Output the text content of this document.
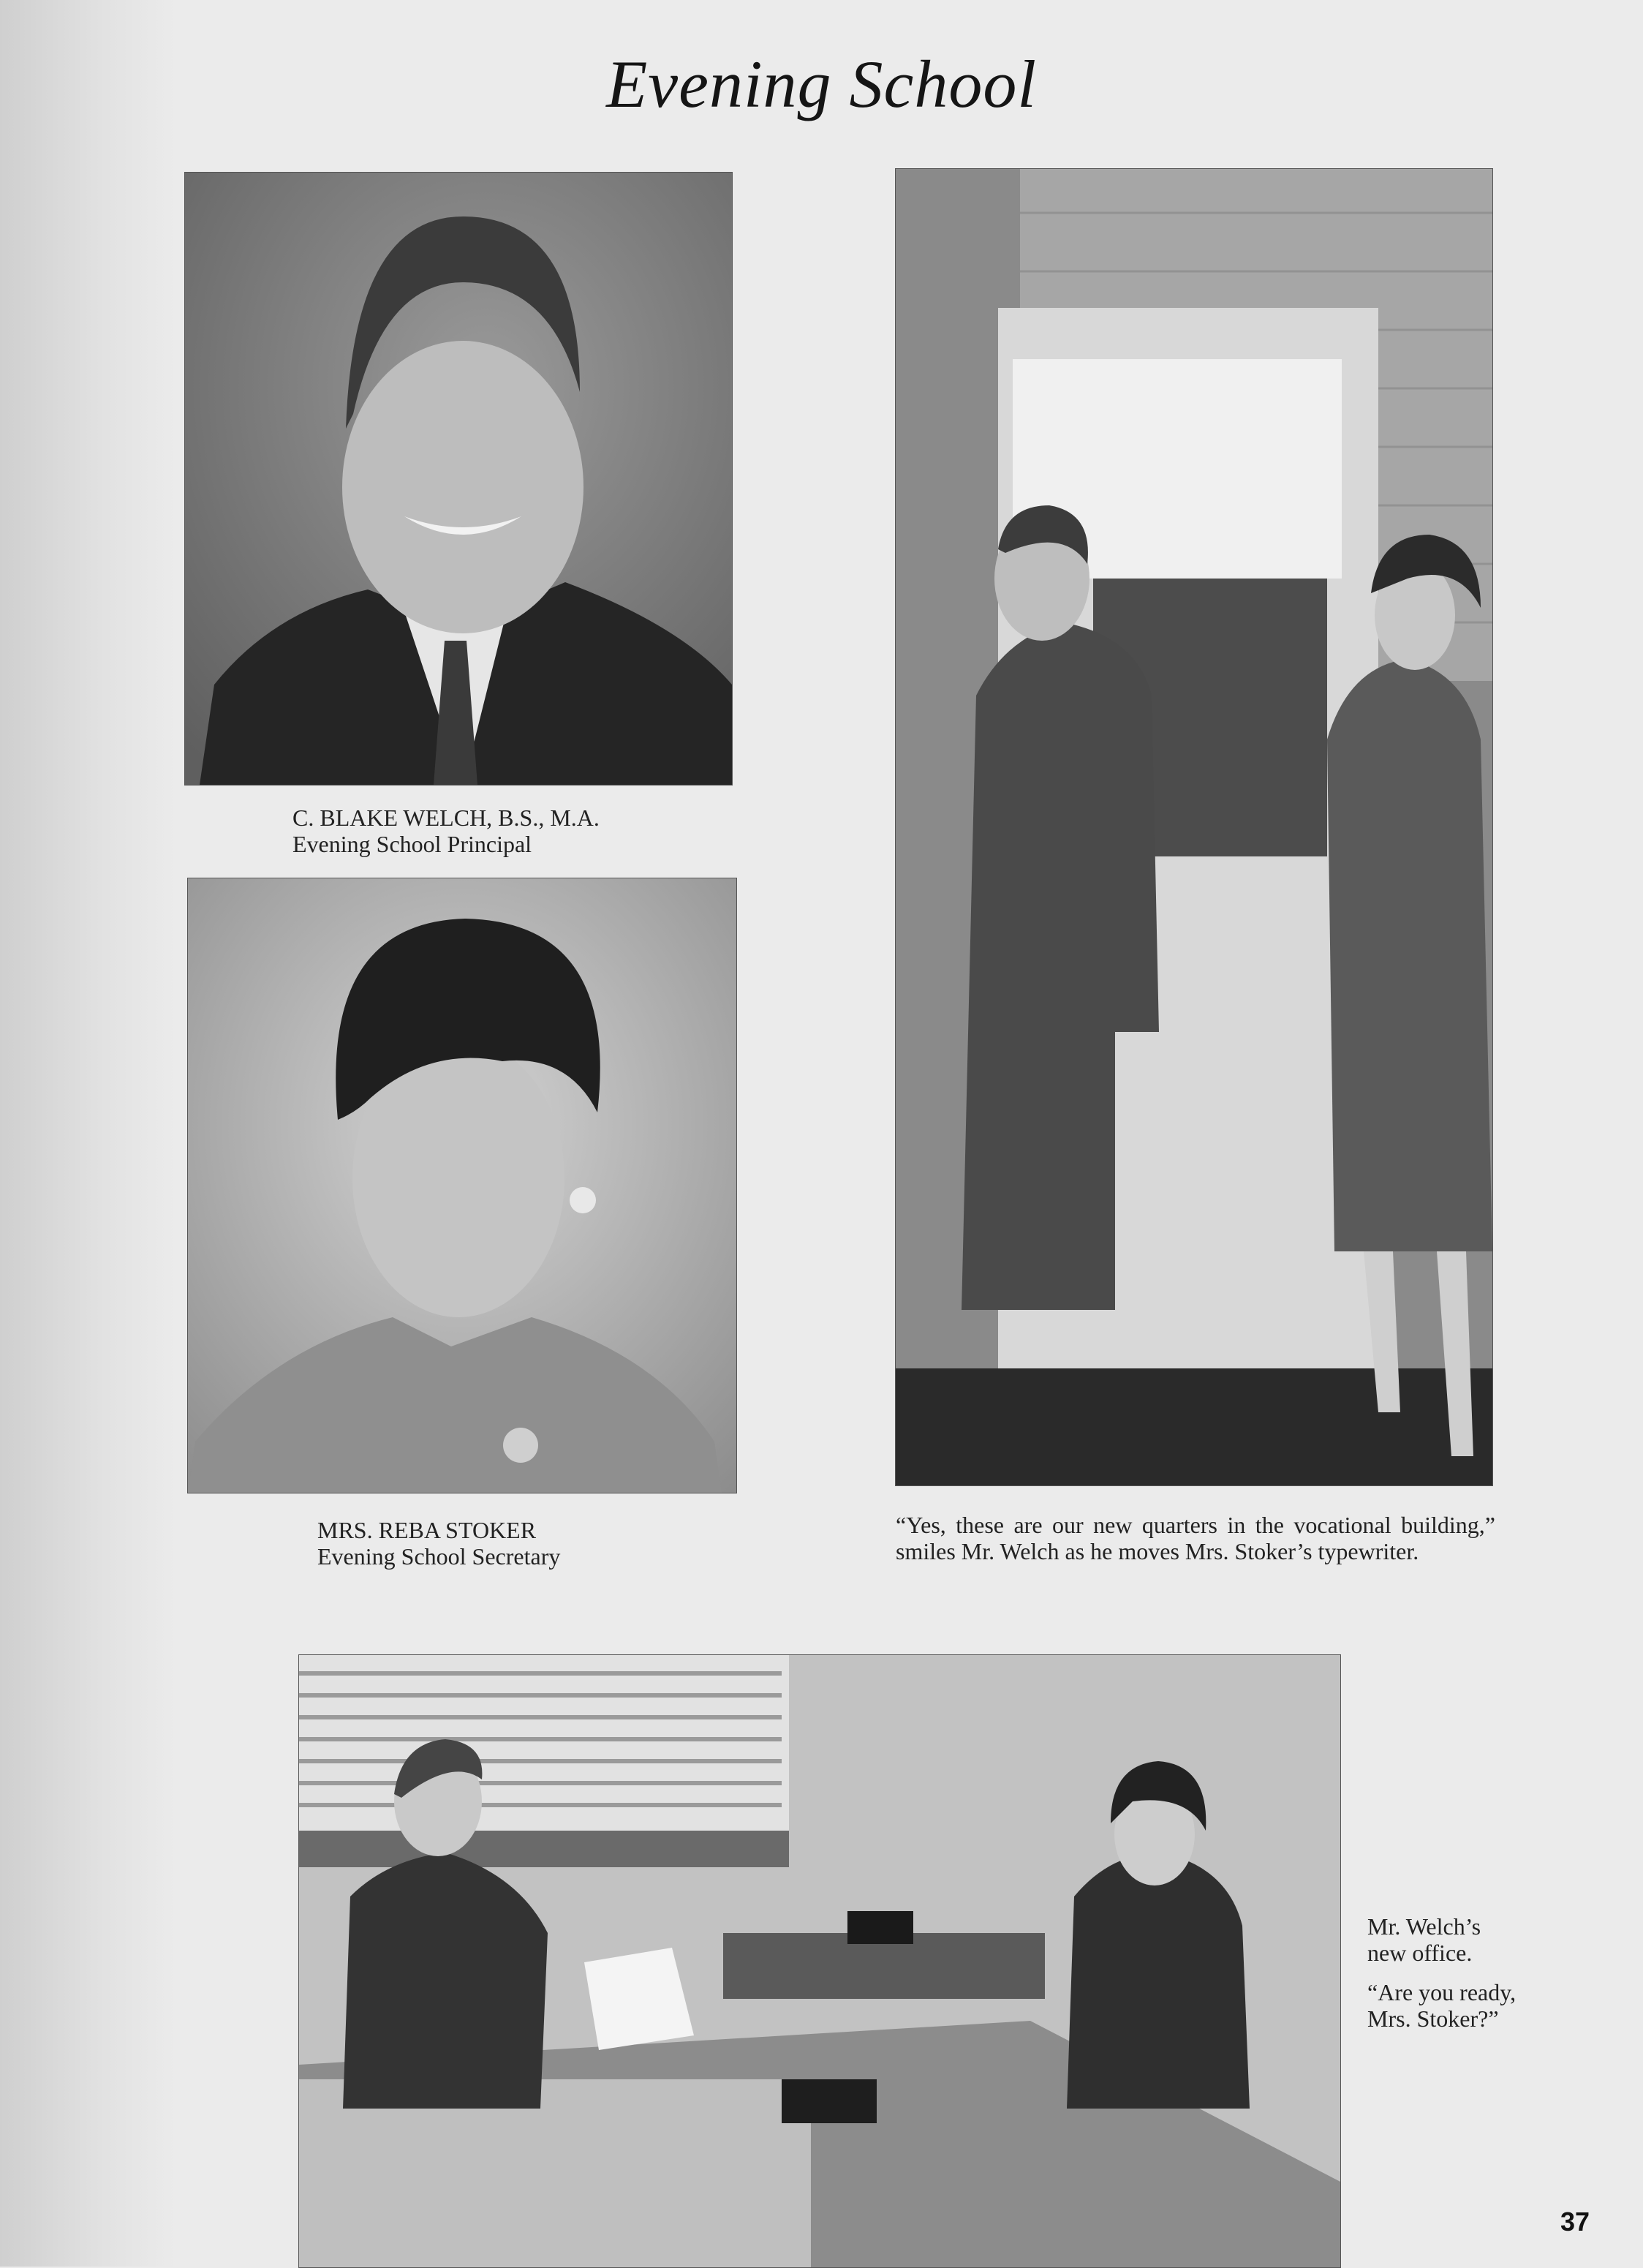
Evening School
C. BLAKE WELCH, B.S., M.A.
Evening School Principal
MRS. REBA STOKER
Evening School Secretary
“Yes, these are our new quarters in the vocational building,” smiles Mr. Welch as he moves Mrs. Stoker’s typewriter.
Mr. Welch’s
new office.
“Are you ready,
Mrs. Stoker?”
37
